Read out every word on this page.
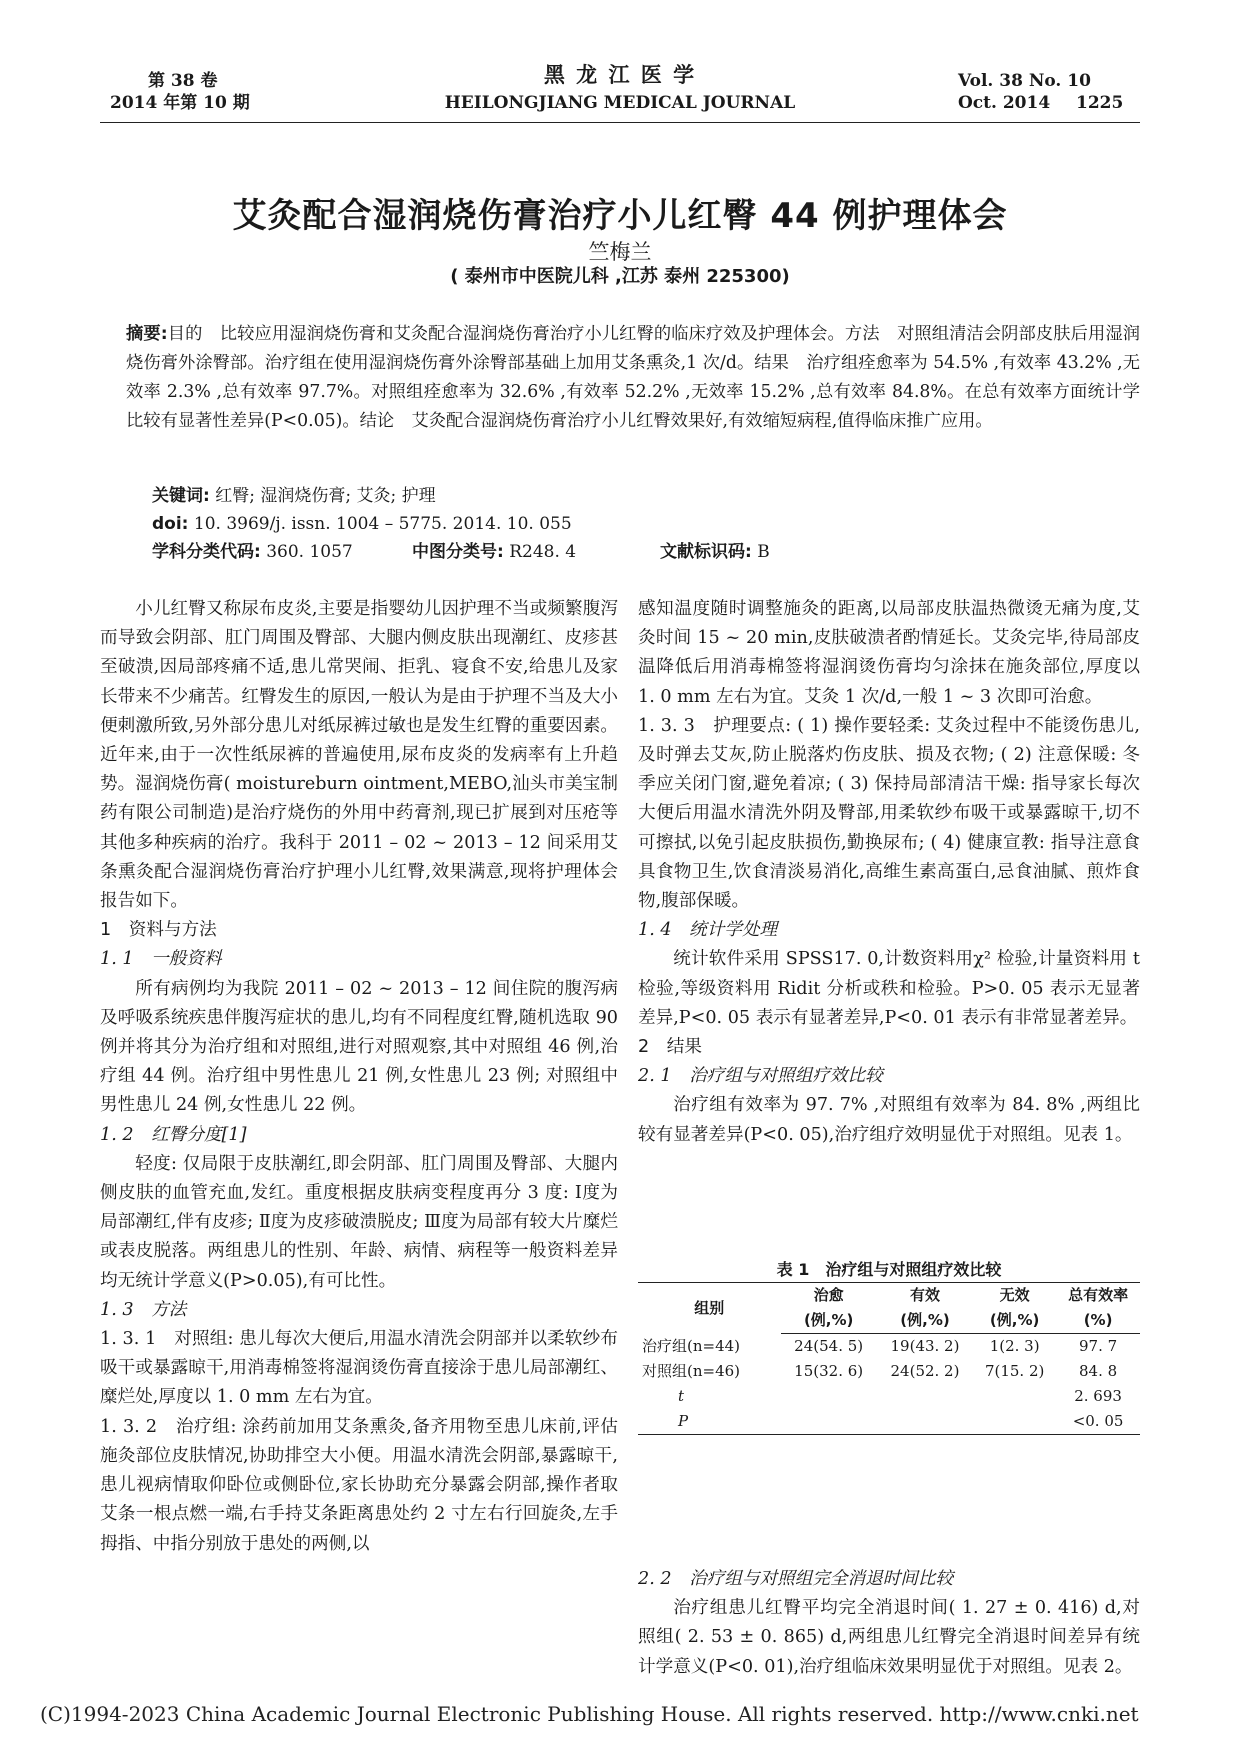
第 38 卷
2014 年第 10 期
黑 龙 江 医 学
HEILONGJIANG MEDICAL JOURNAL
Vol. 38 No. 10
Oct. 2014 1225
艾灸配合湿润烧伤膏治疗小儿红臀 44 例护理体会
竺梅兰
( 泰州市中医院儿科 ,江苏 泰州 225300)
摘要:目的　比较应用湿润烧伤膏和艾灸配合湿润烧伤膏治疗小儿红臀的临床疗效及护理体会。方法　对照组清洁会阴部皮肤后用湿润烧伤膏外涂臀部。治疗组在使用湿润烧伤膏外涂臀部基础上加用艾条熏灸,1 次/d。结果　治疗组痊愈率为 54.5% ,有效率 43.2% ,无效率 2.3% ,总有效率 97.7%。对照组痊愈率为 32.6% ,有效率 52.2% ,无效率 15.2% ,总有效率 84.8%。在总有效率方面统计学比较有显著性差异(P<0.05)。结论　艾灸配合湿润烧伤膏治疗小儿红臀效果好,有效缩短病程,值得临床推广应用。
关键词: 红臀; 湿润烧伤膏; 艾灸; 护理
doi: 10. 3969/j. issn. 1004 – 5775. 2014. 10. 055
学科分类代码: 360. 1057	中图分类号: R248. 4	文献标识码: B

小儿红臀又称尿布皮炎,主要是指婴幼儿因护理不当或频繁腹泻而导致会阴部、肛门周围及臀部、大腿内侧皮肤出现潮红、皮疹甚至破溃,因局部疼痛不适,患儿常哭闹、拒乳、寝食不安,给患儿及家长带来不少痛苦。红臀发生的原因,一般认为是由于护理不当及大小便刺激所致,另外部分患儿对纸尿裤过敏也是发生红臀的重要因素。近年来,由于一次性纸尿裤的普遍使用,尿布皮炎的发病率有上升趋势。湿润烧伤膏( moistureburn ointment,MEBO,汕头市美宝制药有限公司制造)是治疗烧伤的外用中药膏剂,现已扩展到对压疮等其他多种疾病的治疗。我科于 2011 – 02 ~ 2013 – 12 间采用艾条熏灸配合湿润烧伤膏治疗护理小儿红臀,效果满意,现将护理体会报告如下。

1　资料与方法

1. 1　一般资料

所有病例均为我院 2011 – 02 ~ 2013 – 12 间住院的腹泻病及呼吸系统疾患伴腹泻症状的患儿,均有不同程度红臀,随机选取 90 例并将其分为治疗组和对照组,进行对照观察,其中对照组 46 例,治疗组 44 例。治疗组中男性患儿 21 例,女性患儿 23 例; 对照组中男性患儿 24 例,女性患儿 22 例。

1. 2　红臀分度[1]

轻度: 仅局限于皮肤潮红,即会阴部、肛门周围及臀部、大腿内侧皮肤的血管充血,发红。重度根据皮肤病变程度再分 3 度: Ⅰ度为局部潮红,伴有皮疹; Ⅱ度为皮疹破溃脱皮; Ⅲ度为局部有较大片糜烂或表皮脱落。两组患儿的性别、年龄、病情、病程等一般资料差异均无统计学意义(P>0.05),有可比性。

1. 3　方法

1. 3. 1　对照组: 患儿每次大便后,用温水清洗会阴部并以柔软纱布吸干或暴露晾干,用消毒棉签将湿润烫伤膏直接涂于患儿局部潮红、糜烂处,厚度以 1. 0 mm 左右为宜。

1. 3. 2　治疗组: 涂药前加用艾条熏灸,备齐用物至患儿床前,评估施灸部位皮肤情况,协助排空大小便。用温水清洗会阴部,暴露晾干,患儿视病情取仰卧位或侧卧位,家长协助充分暴露会阴部,操作者取艾条一根点燃一端,右手持艾条距离患处约 2 寸左右行回旋灸,左手拇指、中指分别放于患处的两侧,以

感知温度随时调整施灸的距离,以局部皮肤温热微烫无痛为度,艾灸时间 15 ~ 20 min,皮肤破溃者酌情延长。艾灸完毕,待局部皮温降低后用消毒棉签将湿润烫伤膏均匀涂抹在施灸部位,厚度以 1. 0 mm 左右为宜。艾灸 1 次/d,一般 1 ~ 3 次即可治愈。

1. 3. 3　护理要点: ( 1) 操作要轻柔: 艾灸过程中不能烫伤患儿,及时弹去艾灰,防止脱落灼伤皮肤、损及衣物; ( 2) 注意保暖: 冬季应关闭门窗,避免着凉; ( 3) 保持局部清洁干燥: 指导家长每次大便后用温水清洗外阴及臀部,用柔软纱布吸干或暴露晾干,切不可擦拭,以免引起皮肤损伤,勤换尿布; ( 4) 健康宣教: 指导注意食具食物卫生,饮食清淡易消化,高维生素高蛋白,忌食油腻、煎炸食物,腹部保暖。

1. 4　统计学处理

统计软件采用 SPSS17. 0,计数资料用χ² 检验,计量资料用 t 检验,等级资料用 Ridit 分析或秩和检验。P>0. 05 表示无显著差异,P<0. 05 表示有显著差异,P<0. 01 表示有非常显著差异。

2　结果

2. 1　治疗组与对照组疗效比较

治疗组有效率为 97. 7% ,对照组有效率为 84. 8% ,两组比较有显著差异(P<0. 05),治疗组疗效明显优于对照组。见表 1。

表 1　治疗组与对照组疗效比较
组别	治愈	有效	无效	总有效率
	(例,%)	(例,%)	(例,%)	(%)
治疗组(n=44)	24(54. 5)	19(43. 2)	1(2. 3)	97. 7
对照组(n=46)	15(32. 6)	24(52. 2)	7(15. 2)	84. 8
t				2. 693
P				<0. 05

2. 2　治疗组与对照组完全消退时间比较

治疗组患儿红臀平均完全消退时间( 1. 27 ± 0. 416) d,对照组( 2. 53 ± 0. 865) d,两组患儿红臀完全消退时间差异有统计学意义(P<0. 01),治疗组临床效果明显优于对照组。见表 2。

(C)1994-2023 China Academic Journal Electronic Publishing House. All rights reserved. http://www.cnki.net
